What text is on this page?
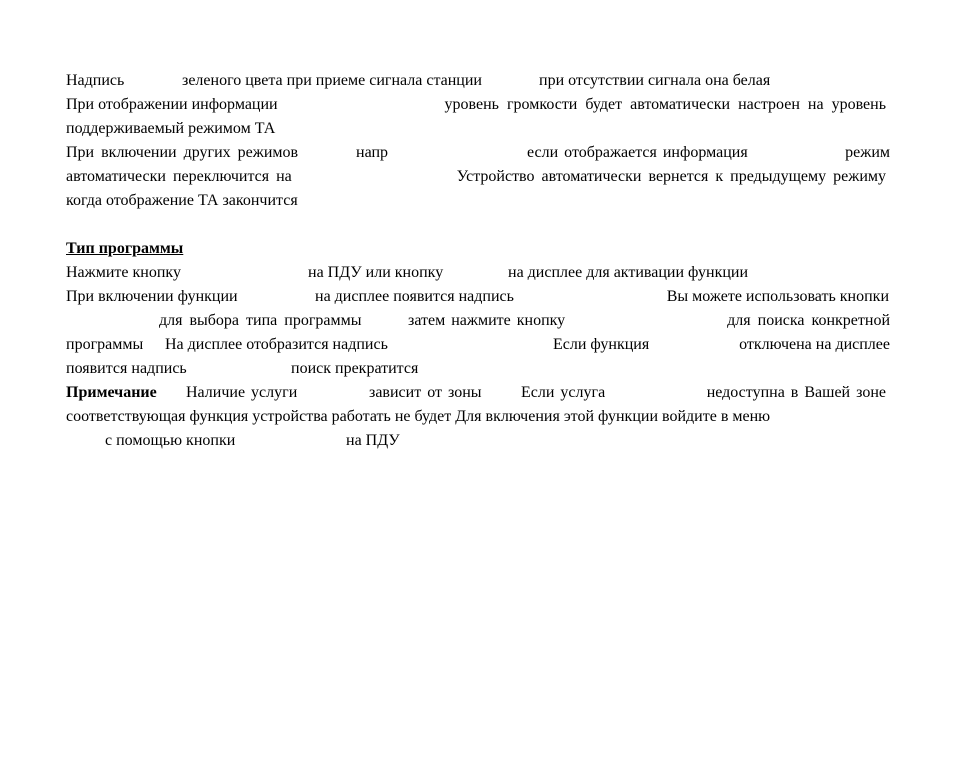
Надпись	зеленого цвета при приеме сигнала станции	при отсутствии сигнала она белая
При отображении информации	уровень громкости будет автоматически настроен на уровень
поддерживаемый режимом ТА
При включении других режимов	напр	если отображается информация	режим
автоматически переключится на	Устройство автоматически вернется к предыдущему режиму
когда отображение ТА закончится
Тип программы
Нажмите кнопку	на ПДУ или кнопку	на дисплее для активации функции
При включении функции	на дисплее появится надпись	Вы можете использовать кнопки
для выбора типа программы	затем нажмите кнопку	для поиска конкретной
программы На дисплее отобразится надпись	Если функция	отключена на дисплее
появится надпись	поиск прекратится
Примечание Наличие услуги	зависит от зоны Если услуга	недоступна в Вашей зоне
соответствующая функция устройства работать не будет Для включения этой функции войдите в меню
с помощью кнопки	на ПДУ
